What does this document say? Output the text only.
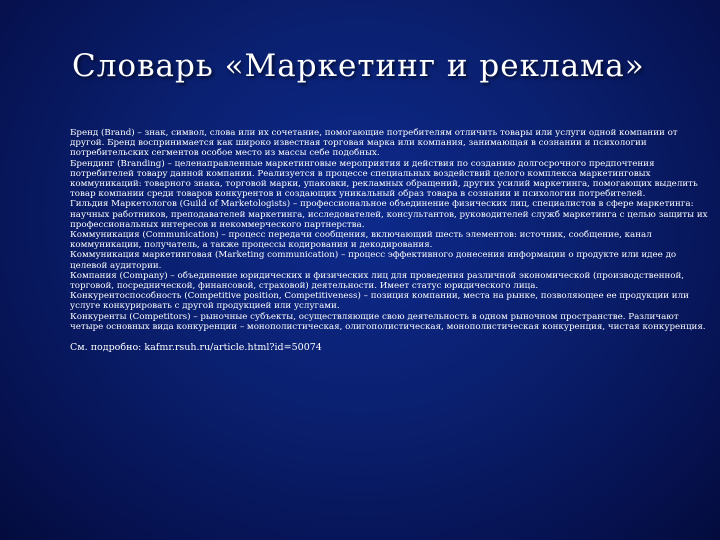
Словарь «Маркетинг и реклама»

Бренд (Brand) – знак, символ, слова или их сочетание, помогающие потребителям отличить товары или услуги одной компании от другой. Бренд воспринимается как широко известная торговая марка или компания, занимающая в сознании и психологии потребительских сегментов особое место из массы себе подобных.

Брендинг (Branding) – целенаправленные маркетинговые мероприятия и действия по созданию долгосрочного предпочтения потребителей товару данной компании. Реализуется в процессе специальных воздействий целого комплекса маркетинговых коммуникаций: товарного знака, торговой марки, упаковки, рекламных обращений, других усилий маркетинга, помогающих выделить товар компании среди товаров конкурентов и создающих уникальный образ товара в сознании и психологии потребителей.

Гильдия Маркетологов (Guild of Marketologists) – профессиональное объединение физических лиц, специалистов в сфере маркетинга: научных работников, преподавателей маркетинга, исследователей, консультантов, руководителей служб маркетинга с целью защиты их профессиональных интересов и некоммерческого партнерства.

Коммуникация (Communication) – процесс передачи сообщения, включающий шесть элементов: источник, сообщение, канал коммуникации, получатель, а также процессы кодирования и декодирования.

Коммуникация маркетинговая (Marketing communication) – процесс эффективного донесения информации о продукте или идее до целевой аудитории.

Компания (Company) – объединение юридических и физических лиц для проведения различной экономической (производственной, торговой, посреднической, финансовой, страховой) деятельности. Имеет статус юридического лица.

Конкурентоспособность (Competitive position, Competitiveness) – позиция компании, места на рынке, позволяющее ее продукции или услуге конкурировать с другой продукцией или услугами.

Конкуренты (Competitors) – рыночные субъекты, осуществляющие свою деятельность в одном рыночном пространстве. Различают четыре основных вида конкуренции – монополистическая, олигополистическая, монополистическая конкуренция, чистая конкуренция.

См. подробно: kafmr.rsuh.ru/article.html?id=50074
